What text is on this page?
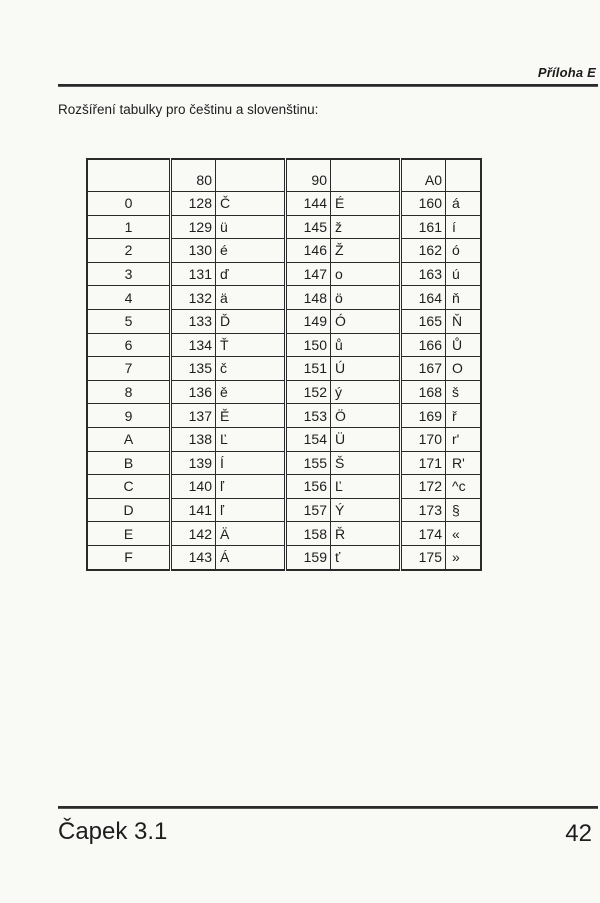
Příloha E
Rozšíření tabulky pro češtinu a slovenštinu:
	80		90		A0	
0	128	Č	144	É	160	á
1	129	ü	145	ž	161	í
2	130	é	146	Ž	162	ó
3	131	ď	147	o	163	ú
4	132	ä	148	ö	164	ň
5	133	Ď	149	Ó	165	Ň
6	134	Ť	150	ů	166	Ů
7	135	č	151	Ú	167	O
8	136	ě	152	ý	168	š
9	137	Ě	153	Ö	169	ř
A	138	Ľ	154	Ü	170	r'
B	139	Í	155	Š	171	R'
C	140	ľ	156	Ľ	172	^c
D	141	ľ	157	Ý	173	§
E	142	Ä	158	Ř	174	«
F	143	Á	159	ť	175	»
Čapek 3.1	42
